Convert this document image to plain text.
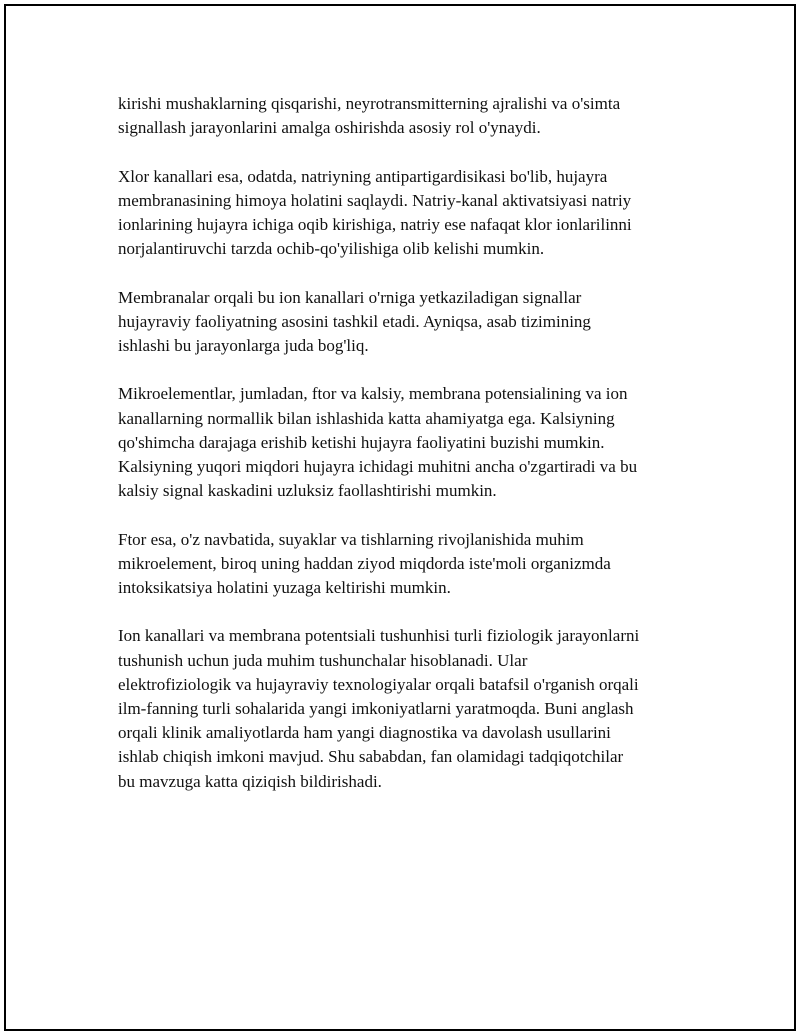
kirishi mushaklarning qisqarishi, neyrotransmitterning ajralishi va o'simta
signallash jarayonlarini amalga oshirishda asosiy rol o'ynaydi.

Xlor kanallari esa, odatda, natriyning antipartigardisikasi bo'lib, hujayra
membranasining himoya holatini saqlaydi. Natriy-kanal aktivatsiyasi natriy
ionlarining hujayra ichiga oqib kirishiga, natriy ese nafaqat klor ionlarilinni
norjalantiruvchi tarzda ochib-qo'yilishiga olib kelishi mumkin.

Membranalar orqali bu ion kanallari o'rniga yetkaziladigan signallar
hujayraviy faoliyatning asosini tashkil etadi. Ayniqsa, asab tizimining
ishlashi bu jarayonlarga juda bog'liq.

Mikroelementlar, jumladan, ftor va kalsiy, membrana potensialining va ion
kanallarning normallik bilan ishlashida katta ahamiyatga ega. Kalsiyning
qo'shimcha darajaga erishib ketishi hujayra faoliyatini buzishi mumkin.
Kalsiyning yuqori miqdori hujayra ichidagi muhitni ancha o'zgartiradi va bu
kalsiy signal kaskadini uzluksiz faollashtirishi mumkin.

Ftor esa, o'z navbatida, suyaklar va tishlarning rivojlanishida muhim
mikroelement, biroq uning haddan ziyod miqdorda iste'moli organizmda
intoksikatsiya holatini yuzaga keltirishi mumkin.

Ion kanallari va membrana potentsiali tushunhisi turli fiziologik jarayonlarni
tushunish uchun juda muhim tushunchalar hisoblanadi. Ular
elektrofiziologik va hujayraviy texnologiyalar orqali batafsil o'rganish orqali
ilm-fanning turli sohalarida yangi imkoniyatlarni yaratmoqda. Buni anglash
orqali klinik amaliyotlarda ham yangi diagnostika va davolash usullarini
ishlab chiqish imkoni mavjud. Shu sababdan, fan olamidagi tadqiqotchilar
bu mavzuga katta qiziqish bildirishadi.
